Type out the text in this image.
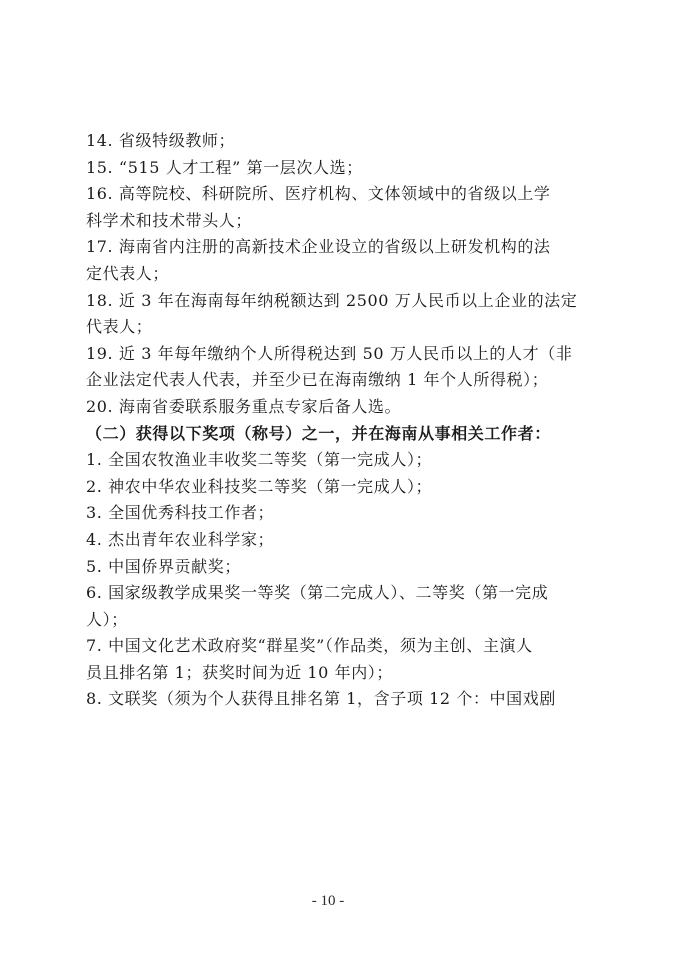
14. 省级特级教师；
15. “515 人才工程” 第一层次人选；
16. 高等院校、科研院所、医疗机构、文体领域中的省级以上学
科学术和技术带头人；
17. 海南省内注册的高新技术企业设立的省级以上研发机构的法
定代表人；
18. 近 3 年在海南每年纳税额达到 2500 万人民币以上企业的法定
代表人；
19. 近 3 年每年缴纳个人所得税达到 50 万人民币以上的人才（非
企业法定代表人代表，并至少已在海南缴纳 1 年个人所得税）；
20. 海南省委联系服务重点专家后备人选。
（二）获得以下奖项（称号）之一，并在海南从事相关工作者：
1. 全国农牧渔业丰收奖二等奖（第一完成人）；
2. 神农中华农业科技奖二等奖（第一完成人）；
3. 全国优秀科技工作者；
4. 杰出青年农业科学家；
5. 中国侨界贡献奖；
6. 国家级教学成果奖一等奖（第二完成人）、二等奖（第一完成
人）；
7. 中国文化艺术政府奖“群星奖”（作品类，须为主创、主演人
员且排名第 1；获奖时间为近 10 年内）；
8. 文联奖（须为个人获得且排名第 1，含子项 12 个：中国戏剧
- 10 -
